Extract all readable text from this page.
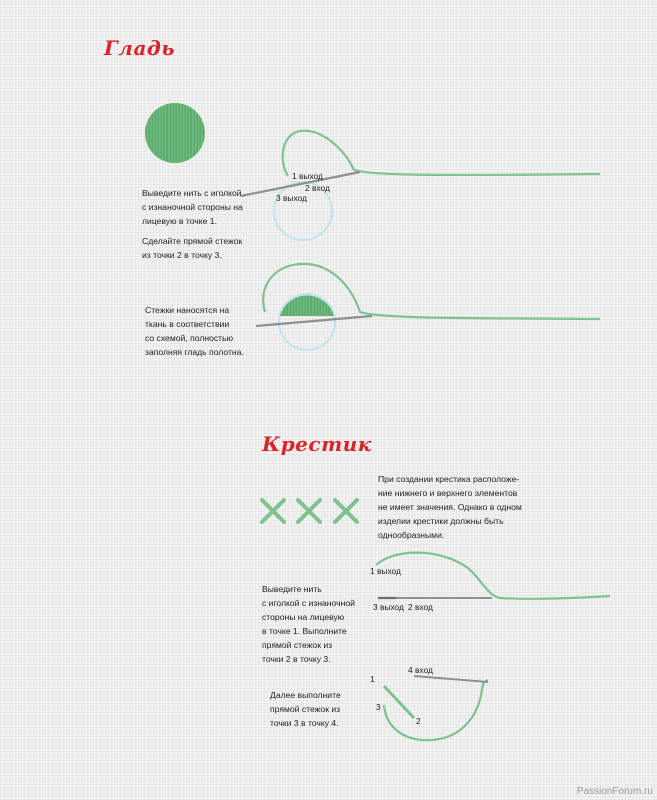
Гладь
Крестик
Выведите нить с иголкой
с изнаночной стороны на
лицевую в точке 1.
Сделайте прямой стежок
из точки 2 в точку 3.
Стежки наносятся на
ткань в соответствии
со схемой, полностью
заполняя гладь полотна.
1 выход
2 вход
3 выход
При создании крестика расположе-
ние нижнего и верхнего элементов
не имеет значения. Однако в одном
изделии крестики должны быть
однообразными.
Выведите нить
с иголкой с изнаночной
стороны на лицевую
в точке 1. Выполните
прямой стежок из
точки 2 в точку 3.
Далее выполните
прямой стежок из
точки 3 в точку 4.
1 выход
3 выход 2 вход
4 вход
1
3
2
PassionForum.ru
